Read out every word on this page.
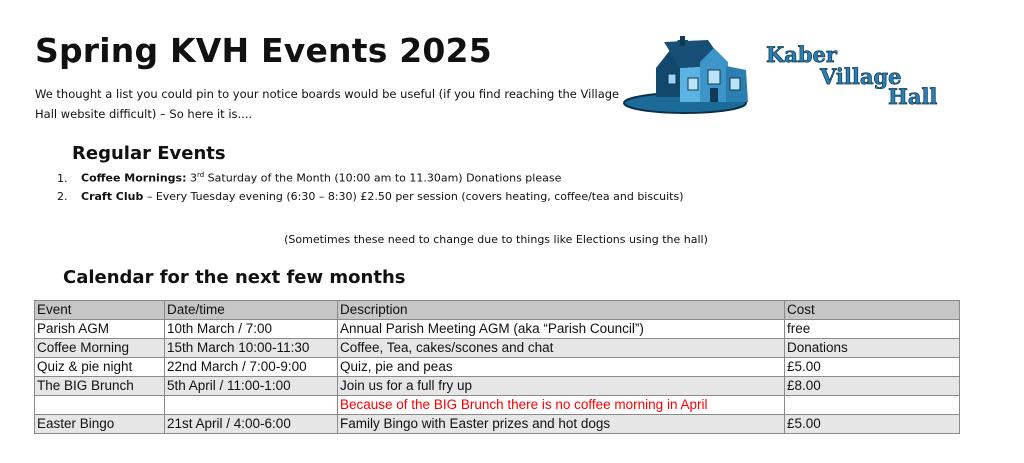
Spring KVH Events 2025

We thought a list you could pin to your notice boards would be useful (if you find reaching the Village Hall website difficult) – So here it is....

Kaber
Village
Hall
Regular Events
1. Coffee Mornings: 3rd Saturday of the Month (10:00 am to 11.30am) Donations please
2. Craft Club – Every Tuesday evening (6:30 – 8:30) £2.50 per session (covers heating, coffee/tea and biscuits)

(Sometimes these need to change due to things like Elections using the hall)

Calendar for the next few months
Event	Date/time	Description	Cost
Parish AGM	10th March / 7:00	Annual Parish Meeting AGM (aka “Parish Council”)	free
Coffee Morning	15th March 10:00-11:30	Coffee, Tea, cakes/scones and chat	Donations
Quiz & pie night	22nd March / 7:00-9:00	Quiz, pie and peas	£5.00
The BIG Brunch	5th April / 11:00-1:00	Join us for a full fry up	£8.00
		Because of the BIG Brunch there is no coffee morning in April	
Easter Bingo	21st April / 4:00-6:00	Family Bingo with Easter prizes and hot dogs	£5.00
